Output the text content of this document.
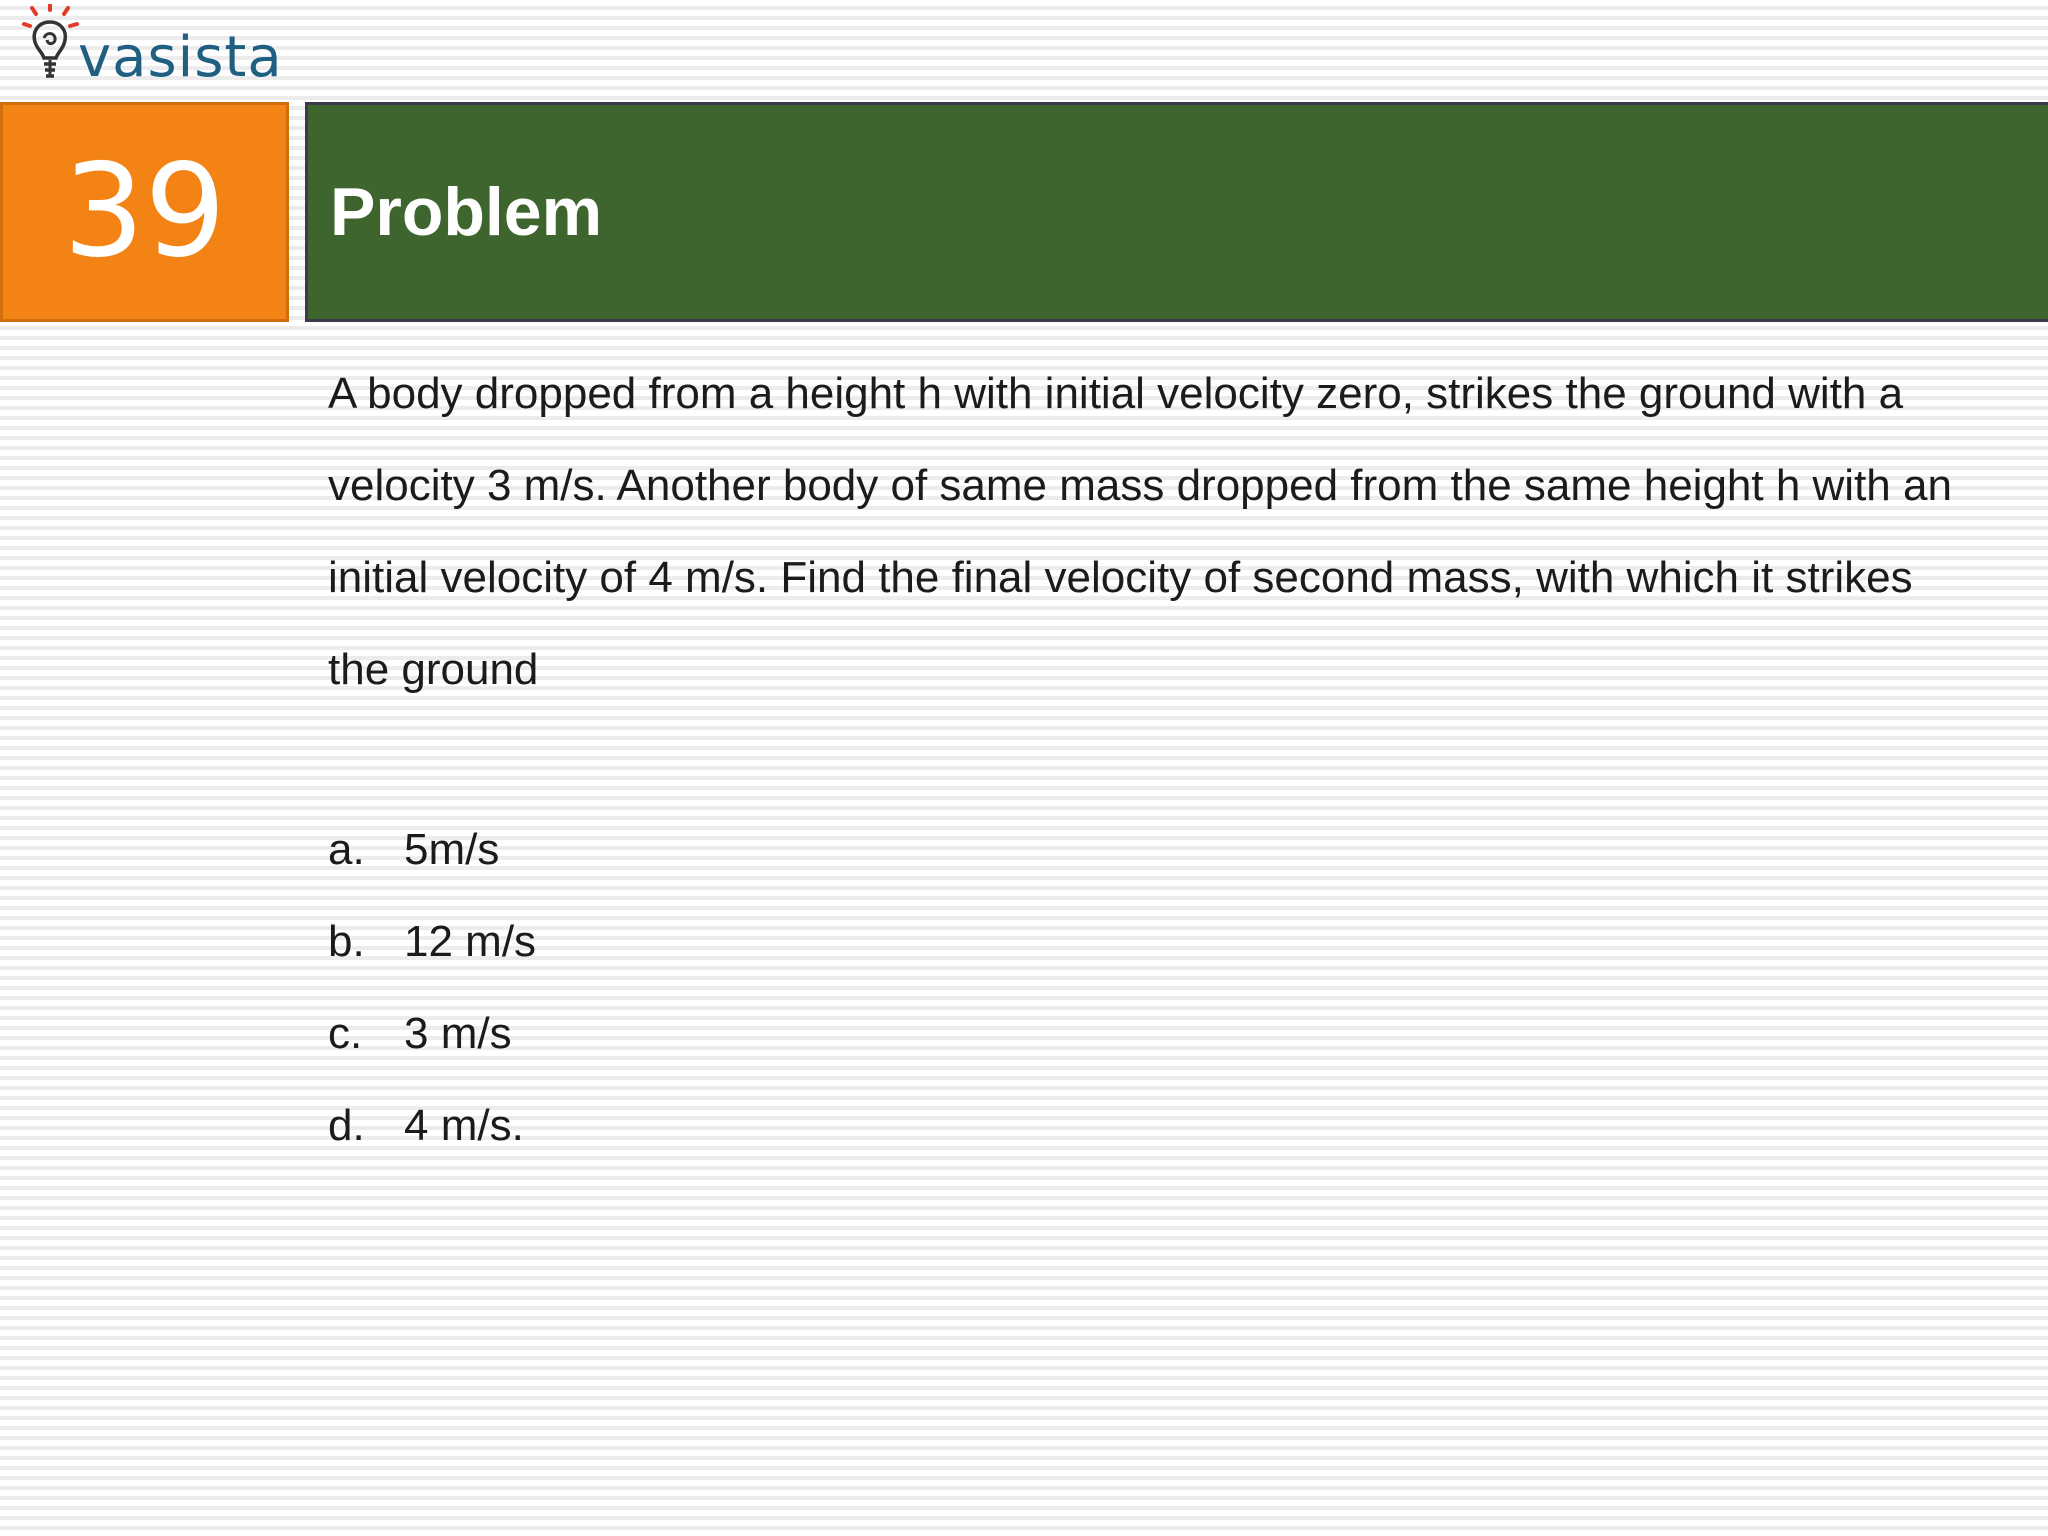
vasista
39 Problem

A body dropped from a height h with initial velocity zero, strikes the ground with a velocity 3 m/s. Another body of same mass dropped from the same height h with an initial velocity of 4 m/s. Find the final velocity of second mass, with which it strikes the ground

a. 5m/s
b. 12 m/s
c. 3 m/s
d. 4 m/s.
